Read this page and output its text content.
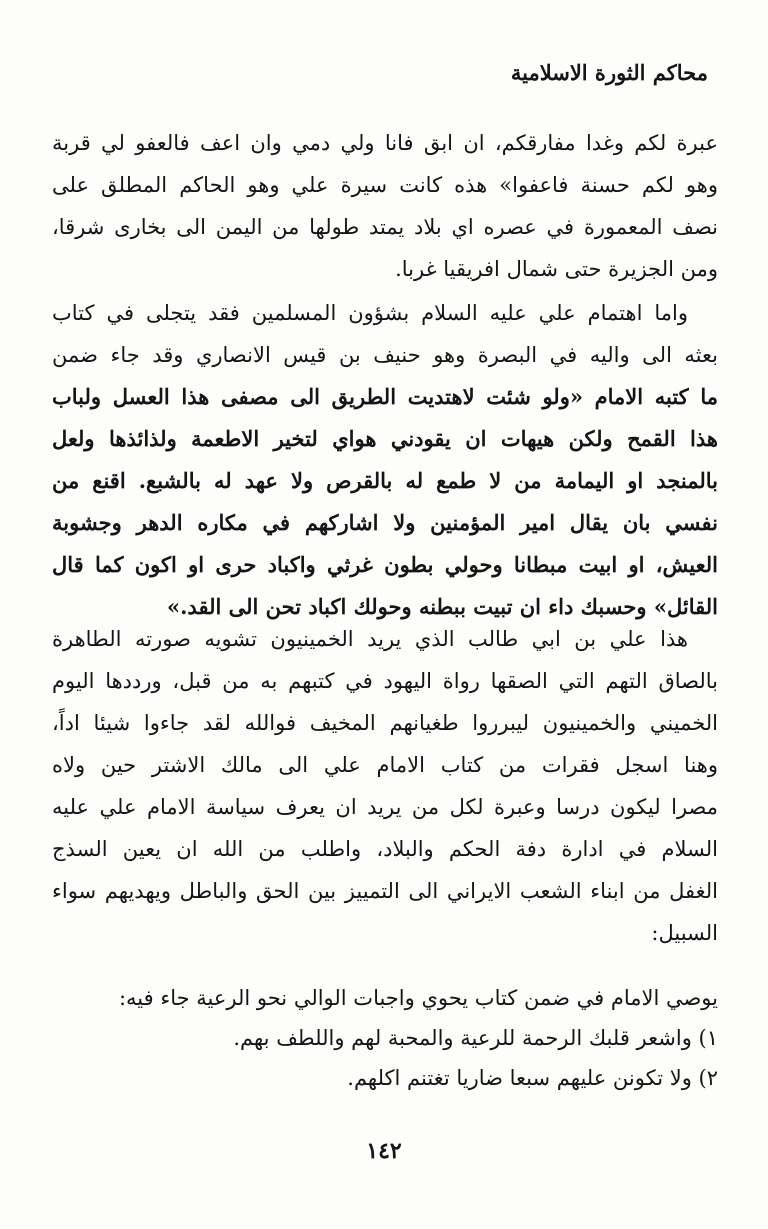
محاكم الثورة الاسلامية
عبرة لكم وغدا مفارقكم، ان ابق فانا ولي دمي وان اعف فالعفو لي قربة
وهو لكم حسنة فاعفوا» هذه كانت سيرة علي وهو الحاكم المطلق على
نصف المعمورة في عصره اي بلاد يمتد طولها من اليمن الى بخارى شرقا،
ومن الجزيرة حتى شمال افريقيا غربا.
واما اهتمام علي عليه السلام بشؤون المسلمين فقد يتجلى في كتاب
بعثه الى واليه في البصرة وهو حنيف بن قيس الانصاري وقد جاء ضمن
ما كتبه الامام «ولو شئت لاهتديت الطريق الى مصفى هذا العسل ولباب
هذا القمح ولكن هيهات ان يقودني هواي لتخير الاطعمة ولذائذها ولعل
بالمنجد او اليمامة من لا طمع له بالقرص ولا عهد له بالشبع. اقنع من
نفسي بان يقال امير المؤمنين ولا اشاركهم في مكاره الدهر وجشوبة
العيش، او ابيت مبطانا وحولي بطون غرثي واكباد حرى او اكون كما قال
القائل» وحسبك داء ان تبيت ببطنه وحولك اكباد تحن الى القد.»
هذا علي بن ابي طالب الذي يريد الخمينيون تشويه صورته الطاهرة
بالصاق التهم التي الصقها رواة اليهود في كتبهم به من قبل، ورددها اليوم
الخميني والخمينيون ليبرروا طغيانهم المخيف فوالله لقد جاءوا شيئا اداً،
وهنا اسجل فقرات من كتاب الامام علي الى مالك الاشتر حين ولاه
مصرا ليكون درسا وعبرة لكل من يريد ان يعرف سياسة الامام علي عليه
السلام في ادارة دفة الحكم والبلاد، واطلب من الله ان يعين السذج
الغفل من ابناء الشعب الايراني الى التمييز بين الحق والباطل ويهديهم سواء
السبيل:
يوصي الامام في ضمن كتاب يحوي واجبات الوالي نحو الرعية جاء فيه:
١) واشعر قلبك الرحمة للرعية والمحبة لهم واللطف بهم.
٢) ولا تكونن عليهم سبعا ضاريا تغتنم اكلهم.

١٤٢
